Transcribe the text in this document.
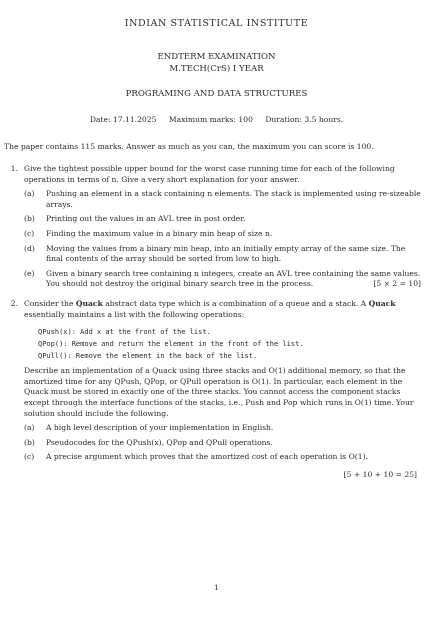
INDIAN STATISTICAL INSTITUTE
ENDTERM EXAMINATION
M.TECH(CrS) I YEAR
PROGRAMING AND DATA STRUCTURES
Date: 17.11.2025 Maximum marks: 100 Duration: 3.5 hours.
The paper contains 115 marks. Answer as much as you can, the maximum you can score is 100.
1. Give the tightest possible upper bound for the worst case running time for each of the following operations in terms of n. Give a very short explanation for your answer.
(a)	Pushing an element in a stack containing n elements. The stack is implemented using re-sizeable arrays.
(b)	Printing out the values in an AVL tree in post order.
(c)	Finding the maximum value in a binary min heap of size n.
(d)	Moving the values from a binary min heap, into an initially empty array of the same size. The final contents of the array should be sorted from low to high.
(e)	Given a binary search tree containing n integers, create an AVL tree containing the same values. You should not destroy the original binary search tree in the process.	[5 × 2 = 10]
2. Consider the Quack abstract data type which is a combination of a queue and a stack. A Quack essentially maintains a list with the following operations:
QPush(x): Add x at the front of the list.
QPop(): Remove and return the element in the front of the list.
QPull(): Remove the element in the back of the list.
Describe an implementation of a Quack using three stacks and O(1) additional memory, so that the amortized time for any QPush, QPop, or QPull operation is O(1). In particular, each element in the Quack must be stored in exactly one of the three stacks. You cannot access the component stacks except through the interface functions of the stacks, i.e., Push and Pop which runs in O(1) time. Your solution should include the following.
(a)	A high level description of your implementation in English.
(b)	Pseudocodes for the QPush(x), QPop and QPull operations.
(c)	A precise argument which proves that the amortized cost of each operation is O(1).
[5 + 10 + 10 = 25]
1
